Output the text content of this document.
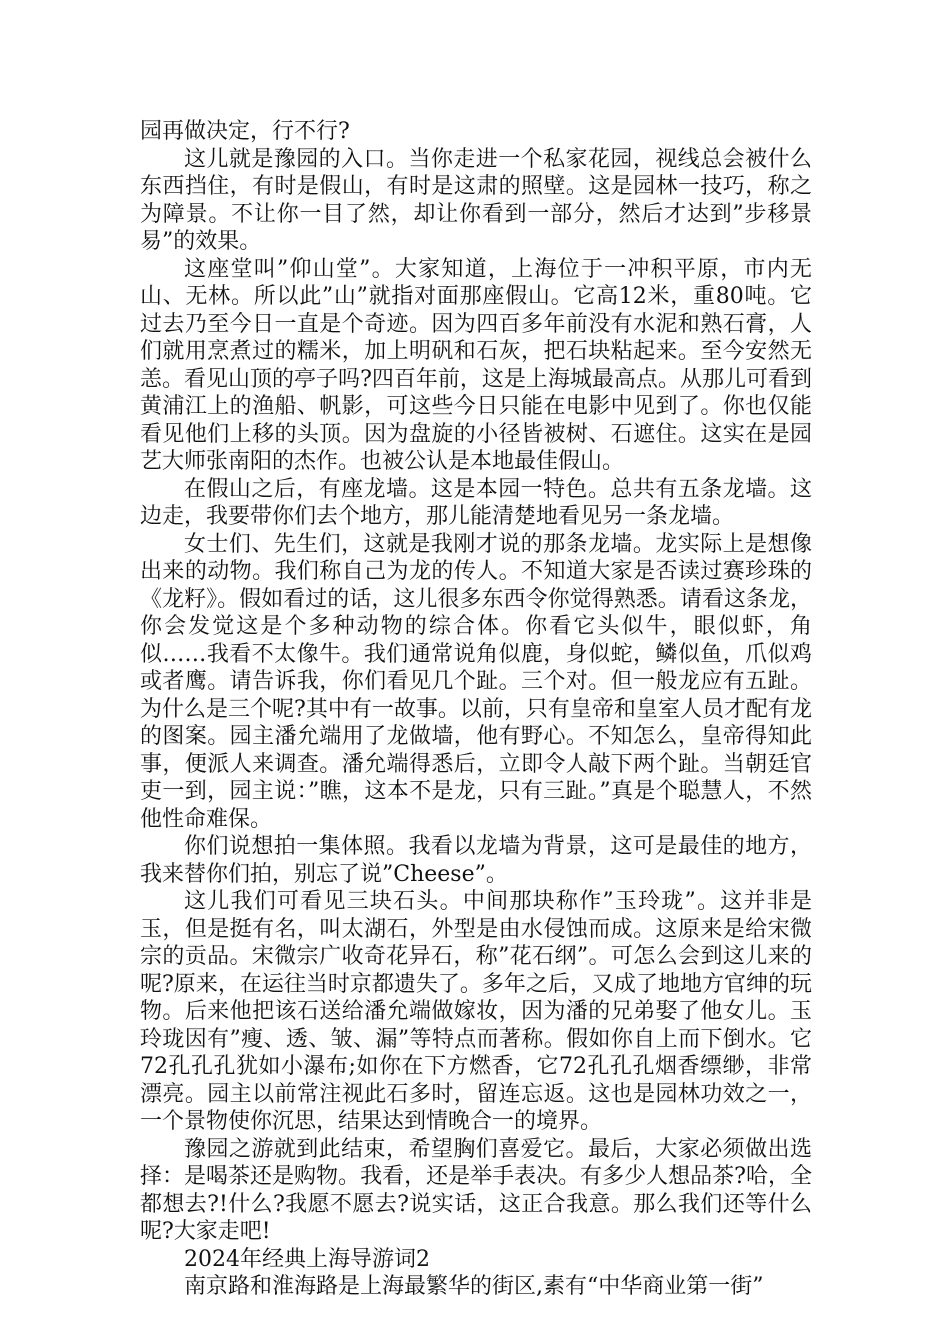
园再做决定，行不行?

这儿就是豫园的入口。当你走进一个私家花园，视线总会被什么东西挡住，有时是假山，有时是这肃的照壁。这是园林一技巧，称之为障景。不让你一目了然，却让你看到一部分，然后才达到”步移景易”的效果。

这座堂叫”仰山堂”。大家知道，上海位于一冲积平原，市内无山、无林。所以此”山”就指对面那座假山。它高12米，重80吨。它过去乃至今日一直是个奇迹。因为四百多年前没有水泥和熟石膏，人们就用烹煮过的糯米，加上明矾和石灰，把石块粘起来。至今安然无恙。看见山顶的亭子吗?四百年前，这是上海城最高点。从那儿可看到黄浦江上的渔船、帆影，可这些今日只能在电影中见到了。你也仅能看见他们上移的头顶。因为盘旋的小径皆被树、石遮住。这实在是园艺大师张南阳的杰作。也被公认是本地最佳假山。

在假山之后，有座龙墙。这是本园一特色。总共有五条龙墙。这边走，我要带你们去个地方，那儿能清楚地看见另一条龙墙。

女士们、先生们，这就是我刚才说的那条龙墙。龙实际上是想像出来的动物。我们称自己为龙的传人。不知道大家是否读过赛珍珠的《龙籽》。假如看过的话，这儿很多东西令你觉得熟悉。请看这条龙，你会发觉这是个多种动物的综合体。你看它头似牛，眼似虾，角似……我看不太像牛。我们通常说角似鹿，身似蛇，鳞似鱼，爪似鸡或者鹰。请告诉我，你们看见几个趾。三个对。但一般龙应有五趾。为什么是三个呢?其中有一故事。以前，只有皇帝和皇室人员才配有龙的图案。园主潘允端用了龙做墙，他有野心。不知怎么，皇帝得知此事，便派人来调查。潘允端得悉后，立即令人敲下两个趾。当朝廷官吏一到，园主说：”瞧，这本不是龙，只有三趾。”真是个聪慧人，不然他性命难保。

你们说想拍一集体照。我看以龙墙为背景，这可是最佳的地方，我来替你们拍，别忘了说”Cheese”。

这儿我们可看见三块石头。中间那块称作”玉玲珑”。这并非是玉，但是挺有名，叫太湖石，外型是由水侵蚀而成。这原来是给宋微宗的贡品。宋微宗广收奇花异石，称”花石纲”。可怎么会到这儿来的呢?原来，在运往当时京都遗失了。多年之后，又成了地地方官绅的玩物。后来他把该石送给潘允端做嫁妆，因为潘的兄弟娶了他女儿。玉玲珑因有”瘦、透、皱、漏”等特点而著称。假如你自上而下倒水。它72孔孔孔犹如小瀑布;如你在下方燃香，它72孔孔孔烟香缥缈，非常漂亮。园主以前常注视此石多时，留连忘返。这也是园林功效之一，一个景物使你沉思，结果达到情晚合一的境界。

豫园之游就到此结束，希望胸们喜爱它。最后，大家必须做出选择：是喝茶还是购物。我看，还是举手表决。有多少人想品茶?哈，全都想去?!什么?我愿不愿去?说实话，这正合我意。那么我们还等什么呢?大家走吧!

2024年经典上海导游词2

南京路和淮海路是上海最繁华的街区,素有“中华商业第一街”
